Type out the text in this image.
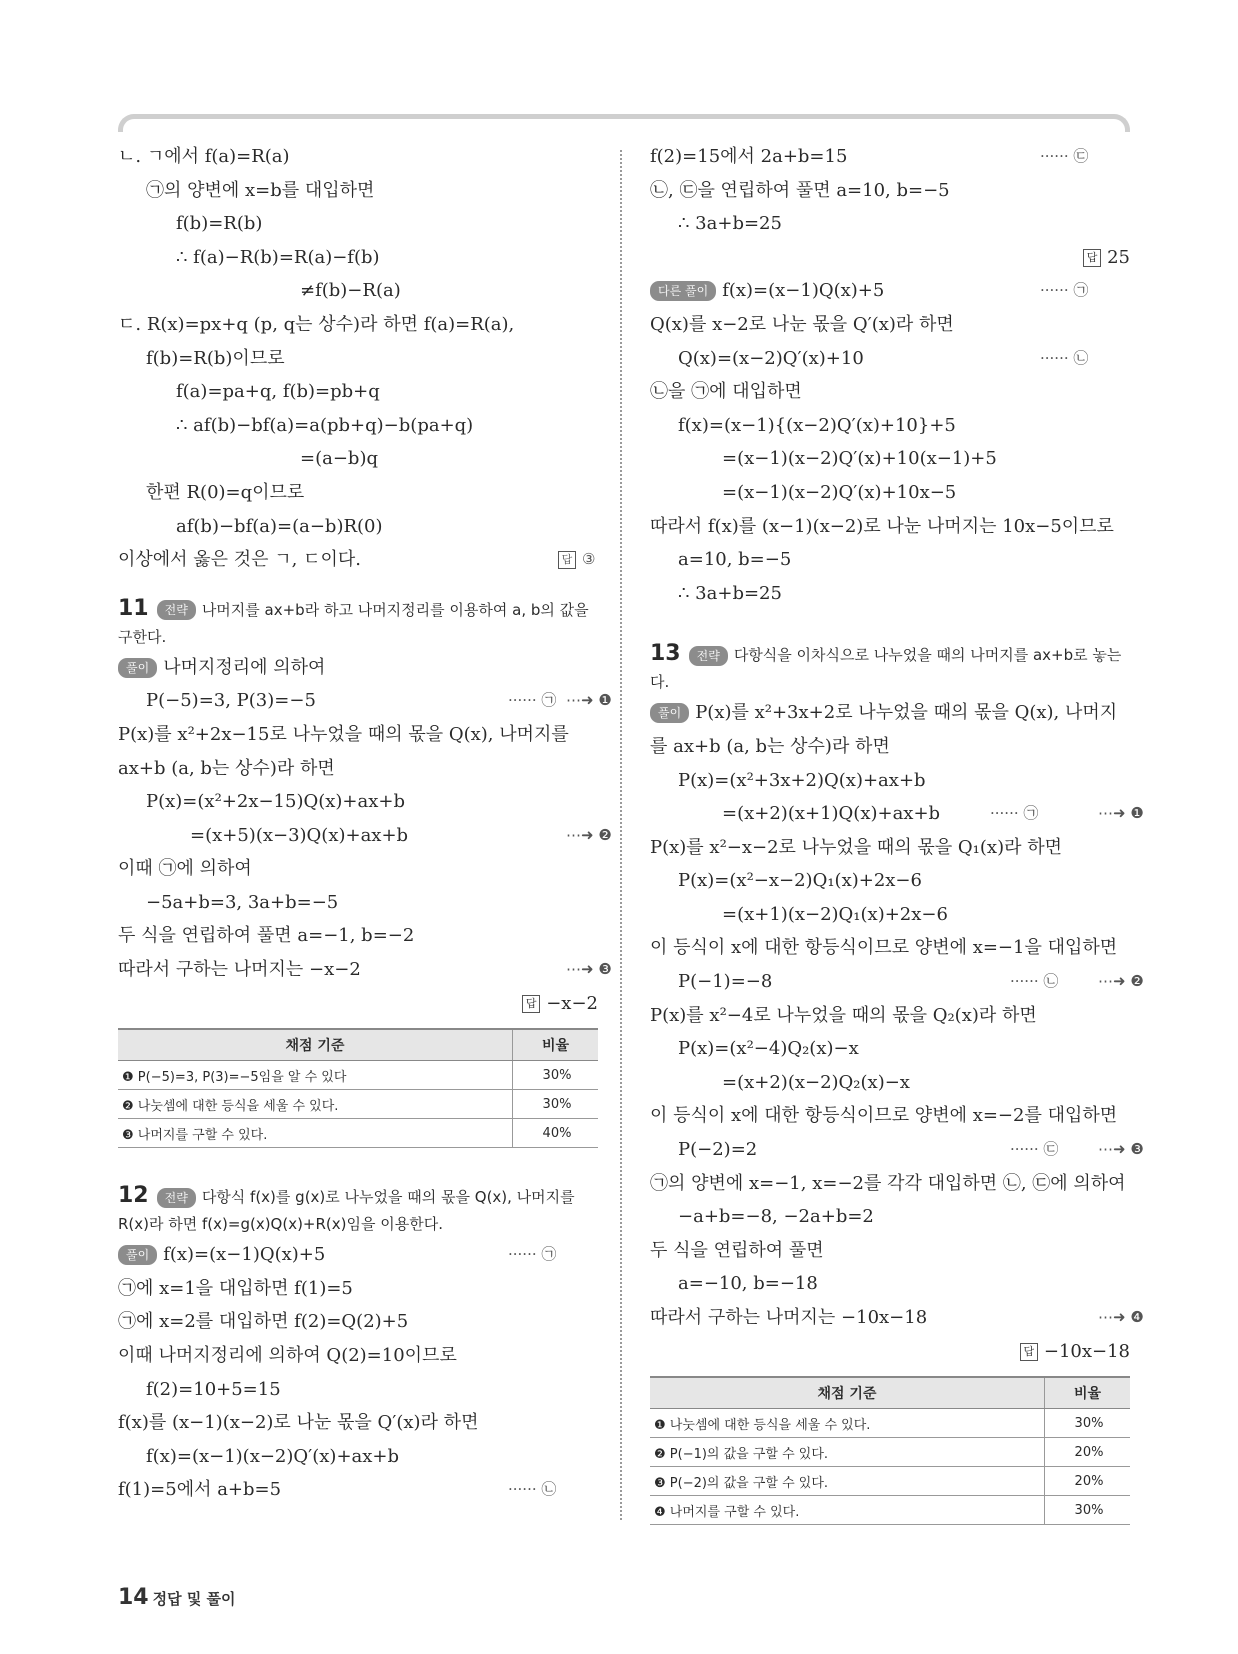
ㄴ. ㄱ에서 f(a)=R(a)
㉠의 양변에 x=b를 대입하면
f(b)=R(b)
∴ f(a)−R(b)=R(a)−f(b)
≠f(b)−R(a)
ㄷ. R(x)=px+q (p, q는 상수)라 하면 f(a)=R(a),
f(b)=R(b)이므로
f(a)=pa+q, f(b)=pb+q
∴ af(b)−bf(a)=a(pb+q)−b(pa+q)
=(a−b)q
한편 R(0)=q이므로
af(b)−bf(a)=(a−b)R(0)
이상에서 옳은 것은 ㄱ, ㄷ이다.	답 ③
11 전략 나머지를 ax+b라 하고 나머지정리를 이용하여 a, b의 값을 구한다.
풀이 나머지정리에 의하여
P(−5)=3, P(3)=−5	······ ㉠ ⋯➜ ❶
P(x)를 x²+2x−15로 나누었을 때의 몫을 Q(x), 나머지를
ax+b (a, b는 상수)라 하면
P(x)=(x²+2x−15)Q(x)+ax+b
=(x+5)(x−3)Q(x)+ax+b	⋯➜ ❷
이때 ㉠에 의하여
−5a+b=3, 3a+b=−5
두 식을 연립하여 풀면 a=−1, b=−2
따라서 구하는 나머지는 −x−2	⋯➜ ❸
답 −x−2
채점 기준	비율
❶ P(−5)=3, P(3)=−5임을 알 수 있다	30%
❷ 나눗셈에 대한 등식을 세울 수 있다.	30%
❸ 나머지를 구할 수 있다.	40%
12 전략 다항식 f(x)를 g(x)로 나누었을 때의 몫을 Q(x), 나머지를 R(x)라 하면 f(x)=g(x)Q(x)+R(x)임을 이용한다.
풀이 f(x)=(x−1)Q(x)+5	······ ㉠
㉠에 x=1을 대입하면 f(1)=5
㉠에 x=2를 대입하면 f(2)=Q(2)+5
이때 나머지정리에 의하여 Q(2)=10이므로
f(2)=10+5=15
f(x)를 (x−1)(x−2)로 나눈 몫을 Q′(x)라 하면
f(x)=(x−1)(x−2)Q′(x)+ax+b
f(1)=5에서 a+b=5	······ ㉡
f(2)=15에서 2a+b=15	······ ㉢
㉡, ㉢을 연립하여 풀면 a=10, b=−5
∴ 3a+b=25
답 25
다른 풀이 f(x)=(x−1)Q(x)+5	······ ㉠
Q(x)를 x−2로 나눈 몫을 Q′(x)라 하면
Q(x)=(x−2)Q′(x)+10	······ ㉡
㉡을 ㉠에 대입하면
f(x)=(x−1){(x−2)Q′(x)+10}+5
=(x−1)(x−2)Q′(x)+10(x−1)+5
=(x−1)(x−2)Q′(x)+10x−5
따라서 f(x)를 (x−1)(x−2)로 나눈 나머지는 10x−5이므로
a=10, b=−5
∴ 3a+b=25
13 전략 다항식을 이차식으로 나누었을 때의 나머지를 ax+b로 놓는다.
풀이 P(x)를 x²+3x+2로 나누었을 때의 몫을 Q(x), 나머지
를 ax+b (a, b는 상수)라 하면
P(x)=(x²+3x+2)Q(x)+ax+b
=(x+2)(x+1)Q(x)+ax+b	······ ㉠	⋯➜ ❶
P(x)를 x²−x−2로 나누었을 때의 몫을 Q₁(x)라 하면
P(x)=(x²−x−2)Q₁(x)+2x−6
=(x+1)(x−2)Q₁(x)+2x−6
이 등식이 x에 대한 항등식이므로 양변에 x=−1을 대입하면
P(−1)=−8	······ ㉡	⋯➜ ❷
P(x)를 x²−4로 나누었을 때의 몫을 Q₂(x)라 하면
P(x)=(x²−4)Q₂(x)−x
=(x+2)(x−2)Q₂(x)−x
이 등식이 x에 대한 항등식이므로 양변에 x=−2를 대입하면
P(−2)=2	······ ㉢	⋯➜ ❸
㉠의 양변에 x=−1, x=−2를 각각 대입하면 ㉡, ㉢에 의하여
−a+b=−8, −2a+b=2
두 식을 연립하여 풀면
a=−10, b=−18
따라서 구하는 나머지는 −10x−18	⋯➜ ❹
답 −10x−18
채점 기준	비율
❶ 나눗셈에 대한 등식을 세울 수 있다.	30%
❷ P(−1)의 값을 구할 수 있다.	20%
❸ P(−2)의 값을 구할 수 있다.	20%
❹ 나머지를 구할 수 있다.	30%
14 정답 및 풀이
